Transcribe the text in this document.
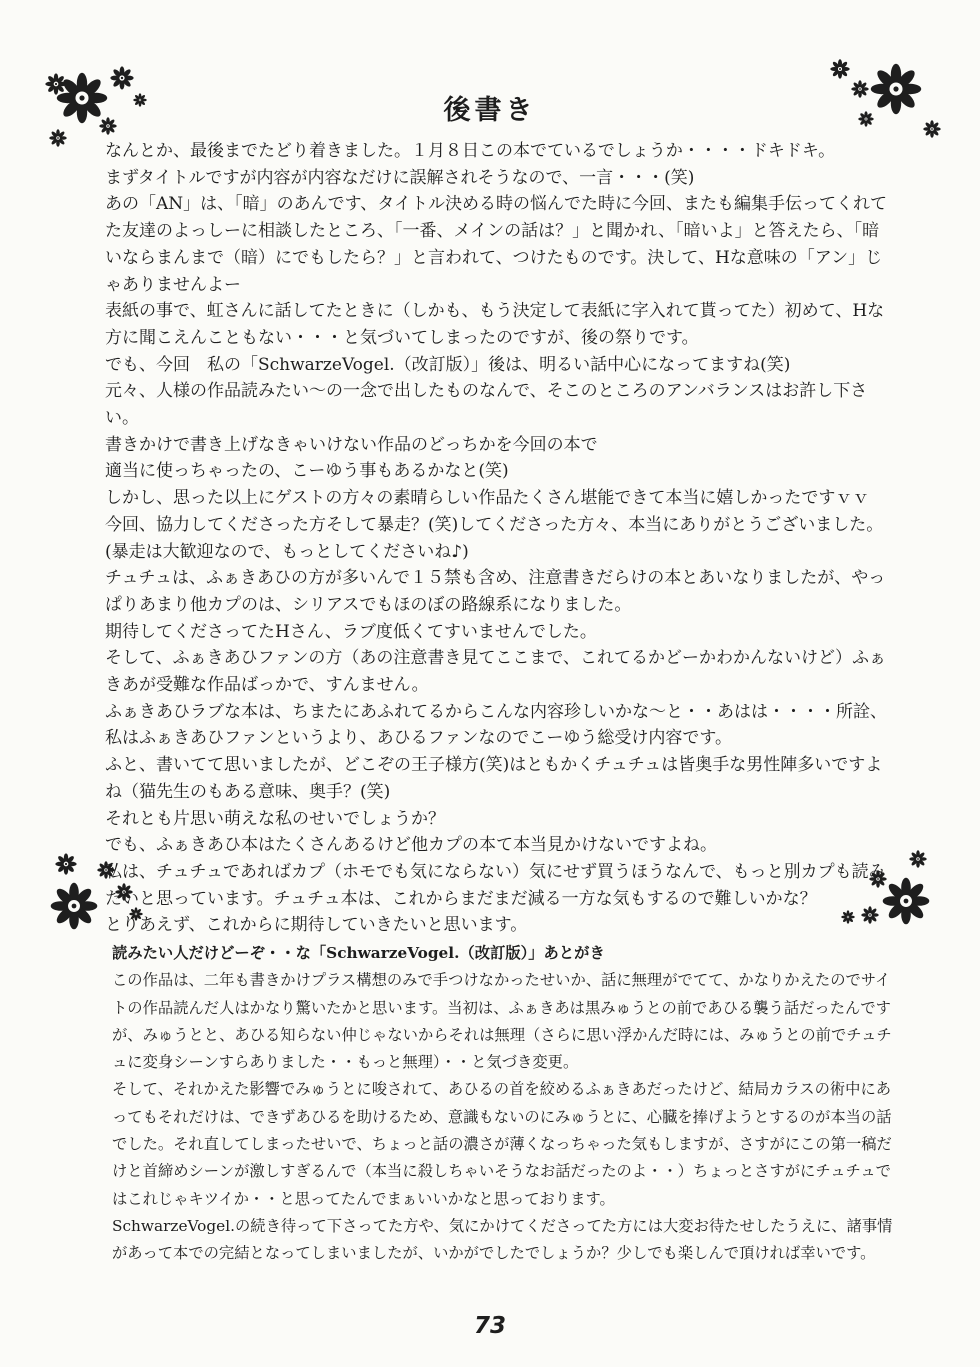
後書き

なんとか、最後までたどり着きました。１月８日この本でているでしょうか・・・・ドキドキ。

まずタイトルですが内容が内容なだけに誤解されそうなので、一言・・・(笑)

あの「AN」は、「暗」のあんです、タイトル決める時の悩んでた時に今回、またも編集手伝ってくれてた友達のよっしーに相談したところ、「一番、メインの話は？」と聞かれ、「暗いよ」と答えたら、「暗いならまんまで（暗）にでもしたら？」と言われて、つけたものです。決して、Hな意味の「アン」じゃありませんよー

表紙の事で、虹さんに話してたときに（しかも、もう決定して表紙に字入れて貰ってた）初めて、Hな方に聞こえんこともない・・・と気づいてしまったのですが、後の祭りです。

でも、今回　私の「SchwarzeVogel.（改訂版）」後は、明るい話中心になってますね(笑)

元々、人様の作品読みたい～の一念で出したものなんで、そこのところのアンバランスはお許し下さい。

書きかけで書き上げなきゃいけない作品のどっちかを今回の本で

適当に使っちゃったの、こーゆう事もあるかなと(笑)

しかし、思った以上にゲストの方々の素晴らしい作品たくさん堪能できて本当に嬉しかったですｖｖ

今回、協力してくださった方そして暴走？(笑)してくださった方々、本当にありがとうございました。(暴走は大歓迎なので、もっとしてくださいね♪)

チュチュは、ふぁきあひの方が多いんで１５禁も含め、注意書きだらけの本とあいなりましたが、やっぱりあまり他カプのは、シリアスでもほのぼの路線系になりました。

期待してくださってたHさん、ラブ度低くてすいませんでした。

そして、ふぁきあひファンの方（あの注意書き見てここまで、これてるかどーかわかんないけど）ふぁきあが受難な作品ばっかで、すんません。

ふぁきあひラブな本は、ちまたにあふれてるからこんな内容珍しいかな～と・・あはは・・・・所詮、私はふぁきあひファンというより、あひるファンなのでこーゆう総受け内容です。

ふと、書いてて思いましたが、どこぞの王子様方(笑)はともかくチュチュは皆奥手な男性陣多いですよね（猫先生のもある意味、奥手？(笑)

それとも片思い萌えな私のせいでしょうか？

でも、ふぁきあひ本はたくさんあるけど他カプの本て本当見かけないですよね。

私は、チュチュであればカプ（ホモでも気にならない）気にせず買うほうなんで、もっと別カプも読みたいと思っています。チュチュ本は、これからまだまだ減る一方な気もするので難しいかな？

とりあえず、これからに期待していきたいと思います。

読みたい人だけどーぞ・・な「SchwarzeVogel.（改訂版）」あとがき

この作品は、二年も書きかけプラス構想のみで手つけなかったせいか、話に無理がでてて、かなりかえたのでサイトの作品読んだ人はかなり驚いたかと思います。当初は、ふぁきあは黒みゅうとの前であひる襲う話だったんですが、みゅうとと、あひる知らない仲じゃないからそれは無理（さらに思い浮かんだ時には、みゅうとの前でチュチュに変身シーンすらありました・・もっと無理）・・と気づき変更。

そして、それかえた影響でみゅうとに唆されて、あひるの首を絞めるふぁきあだったけど、結局カラスの術中にあってもそれだけは、できずあひるを助けるため、意識もないのにみゅうとに、心臓を捧げようとするのが本当の話でした。それ直してしまったせいで、ちょっと話の濃さが薄くなっちゃった気もしますが、さすがにこの第一稿だけと首締めシーンが激しすぎるんで（本当に殺しちゃいそうなお話だったのよ・・）ちょっとさすがにチュチュではこれじゃキツイか・・と思ってたんでまぁいいかなと思っております。

SchwarzeVogel.の続き待って下さってた方や、気にかけてくださってた方には大変お待たせしたうえに、諸事情があって本での完結となってしまいましたが、いかがでしたでしょうか？少しでも楽しんで頂ければ幸いです。

73
